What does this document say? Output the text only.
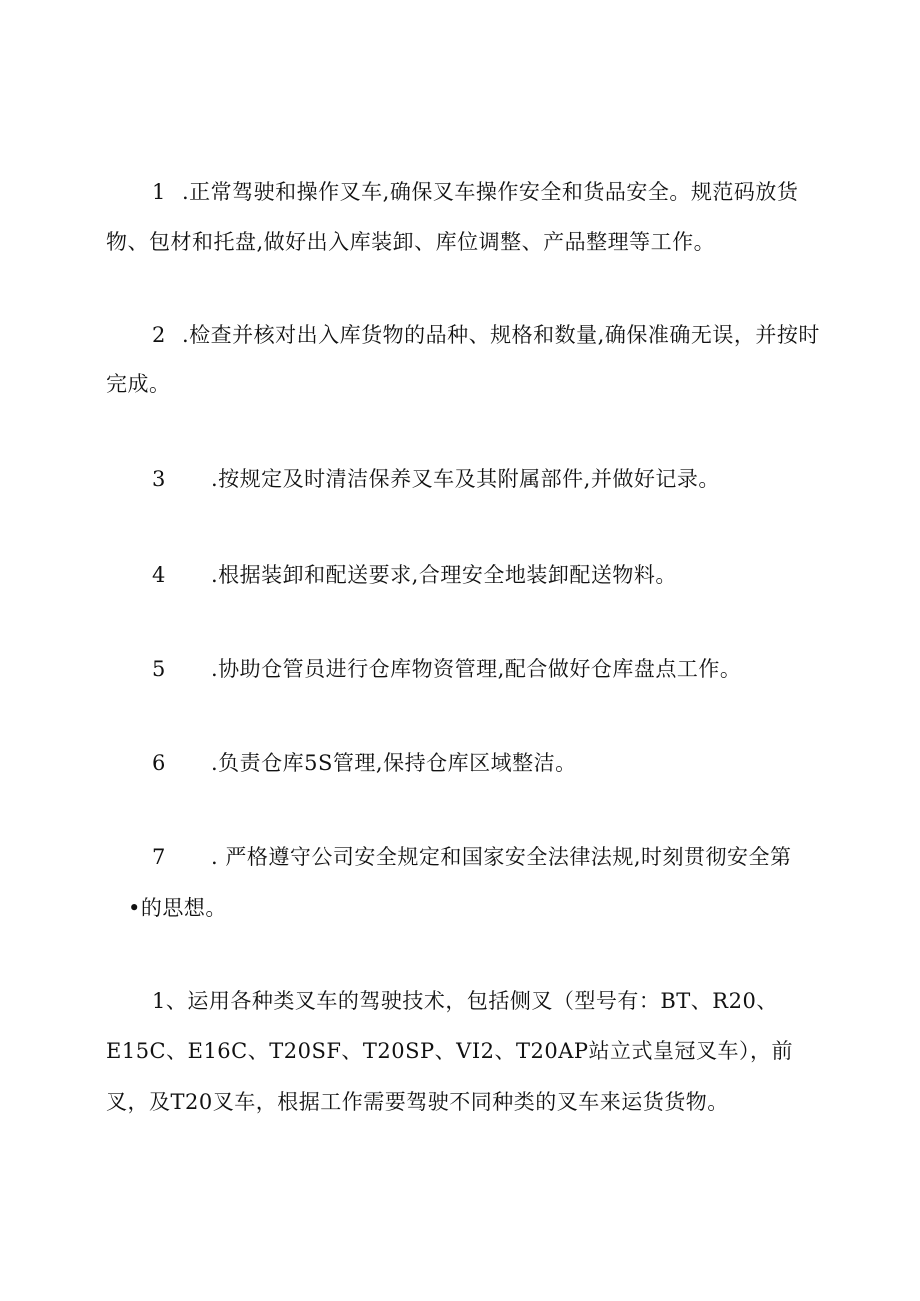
1 .正常驾驶和操作叉车,确保叉车操作安全和货品安全。规范码放货
物、包材和托盘,做好出入库装卸、库位调整、产品整理等工作。
2 .检查并核对出入库货物的品种、规格和数量,确保准确无误，并按时
完成。
3 .按规定及时清洁保养叉车及其附属部件,并做好记录。
4 .根据装卸和配送要求,合理安全地装卸配送物料。
5 .协助仓管员进行仓库物资管理,配合做好仓库盘点工作。
6 .负责仓库5S管理,保持仓库区域整洁。
7 . 严格遵守公司安全规定和国家安全法律法规,时刻贯彻安全第
•的思想。
1、运用各种类叉车的驾驶技术，包括侧叉（型号有：BT、R20、
E15C、E16C、T20SF、T20SP、VI2、T20AP站立式皇冠叉车），前
叉，及T20叉车，根据工作需要驾驶不同种类的叉车来运货货物。
